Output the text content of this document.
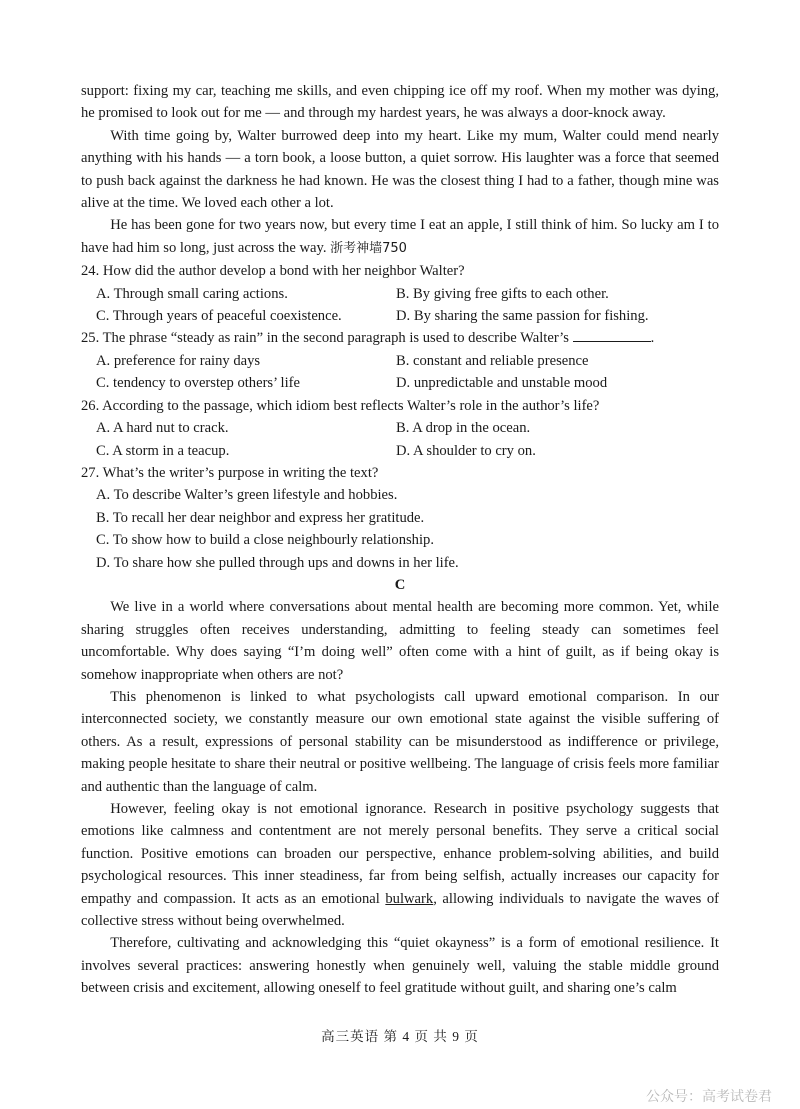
support: fixing my car, teaching me skills, and even chipping ice off my roof. When my mother was dying, he promised to look out for me — and through my hardest years, he was always a door-knock away.

With time going by, Walter burrowed deep into my heart. Like my mum, Walter could mend nearly anything with his hands — a torn book, a loose button, a quiet sorrow. His laughter was a force that seemed to push back against the darkness he had known. He was the closest thing I had to a father, though mine was alive at the time. We loved each other a lot.

He has been gone for two years now, but every time I eat an apple, I still think of him. So lucky am I to have had him so long, just across the way. 浙考神墙750

24. How did the author develop a bond with her neighbor Walter?

A. Through small caring actions.	B. By giving free gifts to each other.
C. Through years of peaceful coexistence.	D. By sharing the same passion for fishing.

25. The phrase “steady as rain” in the second paragraph is used to describe Walter’s	.

A. preference for rainy days	B. constant and reliable presence
C. tendency to overstep others’ life	D. unpredictable and unstable mood

26. According to the passage, which idiom best reflects Walter’s role in the author’s life?

A. A hard nut to crack.	B. A drop in the ocean.
C. A storm in a teacup.	D. A shoulder to cry on.

27. What’s the writer’s purpose in writing the text?

A. To describe Walter’s green lifestyle and hobbies.
B. To recall her dear neighbor and express her gratitude.
C. To show how to build a close neighbourly relationship.
D. To share how she pulled through ups and downs in her life.

C

We live in a world where conversations about mental health are becoming more common. Yet, while sharing struggles often receives understanding, admitting to feeling steady can sometimes feel uncomfortable. Why does saying “I’m doing well” often come with a hint of guilt, as if being okay is somehow inappropriate when others are not?

This phenomenon is linked to what psychologists call upward emotional comparison. In our interconnected society, we constantly measure our own emotional state against the visible suffering of others. As a result, expressions of personal stability can be misunderstood as indifference or privilege, making people hesitate to share their neutral or positive wellbeing. The language of crisis feels more familiar and authentic than the language of calm.

However, feeling okay is not emotional ignorance. Research in positive psychology suggests that emotions like calmness and contentment are not merely personal benefits. They serve a critical social function. Positive emotions can broaden our perspective, enhance problem-solving abilities, and build psychological resources. This inner steadiness, far from being selfish, actually increases our capacity for empathy and compassion. It acts as an emotional bulwark, allowing individuals to navigate the waves of collective stress without being overwhelmed.

Therefore, cultivating and acknowledging this “quiet okayness” is a form of emotional resilience. It involves several practices: answering honestly when genuinely well, valuing the stable middle ground between crisis and excitement, allowing oneself to feel gratitude without guilt, and sharing one’s calm

高三英语 第 4 页 共 9 页
公众号：高考试卷君
